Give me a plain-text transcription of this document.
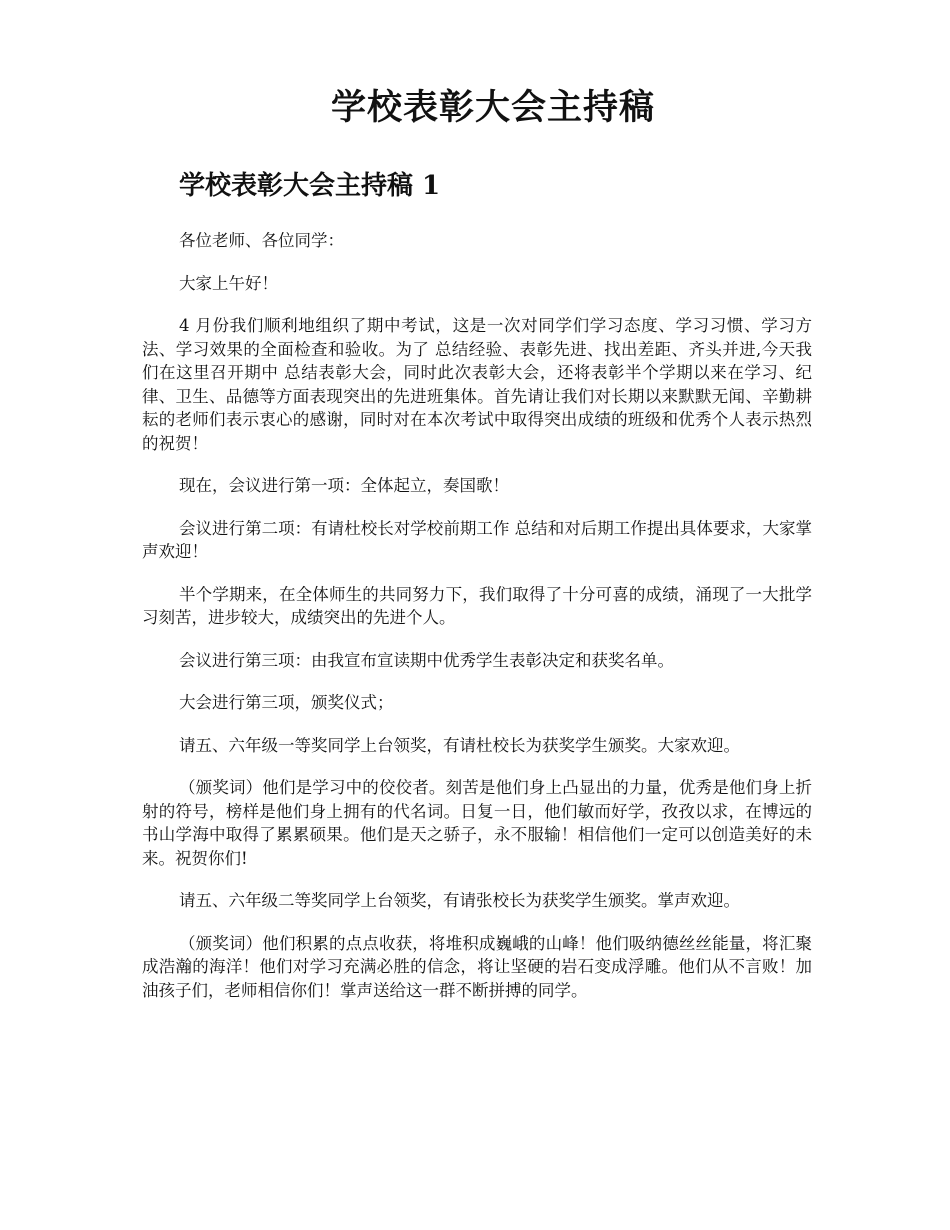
学校表彰大会主持稿
学校表彰大会主持稿 1

各位老师、各位同学：

大家上午好！

4 月份我们顺利地组织了期中考试，这是一次对同学们学习态度、学习习惯、学习方法、学习效果的全面检查和验收。为了 总结经验、表彰先进、找出差距、齐头并进,今天我们在这里召开期中 总结表彰大会，同时此次表彰大会，还将表彰半个学期以来在学习、纪律、卫生、品德等方面表现突出的先进班集体。首先请让我们对长期以来默默无闻、辛勤耕耘的老师们表示衷心的感谢，同时对在本次考试中取得突出成绩的班级和优秀个人表示热烈的祝贺！

现在，会议进行第一项：全体起立，奏国歌！

会议进行第二项：有请杜校长对学校前期工作 总结和对后期工作提出具体要求，大家掌声欢迎！

半个学期来，在全体师生的共同努力下，我们取得了十分可喜的成绩，涌现了一大批学习刻苦，进步较大，成绩突出的先进个人。

会议进行第三项：由我宣布宣读期中优秀学生表彰决定和获奖名单。

大会进行第三项，颁奖仪式；

请五、六年级一等奖同学上台领奖，有请杜校长为获奖学生颁奖。大家欢迎。

（颁奖词）他们是学习中的佼佼者。刻苦是他们身上凸显出的力量，优秀是他们身上折射的符号，榜样是他们身上拥有的代名词。日复一日，他们敏而好学，孜孜以求，在博远的书山学海中取得了累累硕果。他们是天之骄子，永不服输！相信他们一定可以创造美好的未来。祝贺你们!

请五、六年级二等奖同学上台领奖，有请张校长为获奖学生颁奖。掌声欢迎。

（颁奖词）他们积累的点点收获，将堆积成巍峨的山峰！他们吸纳德丝丝能量，将汇聚成浩瀚的海洋！他们对学习充满必胜的信念，将让坚硬的岩石变成浮雕。他们从不言败！加油孩子们，老师相信你们！掌声送给这一群不断拼搏的同学。
